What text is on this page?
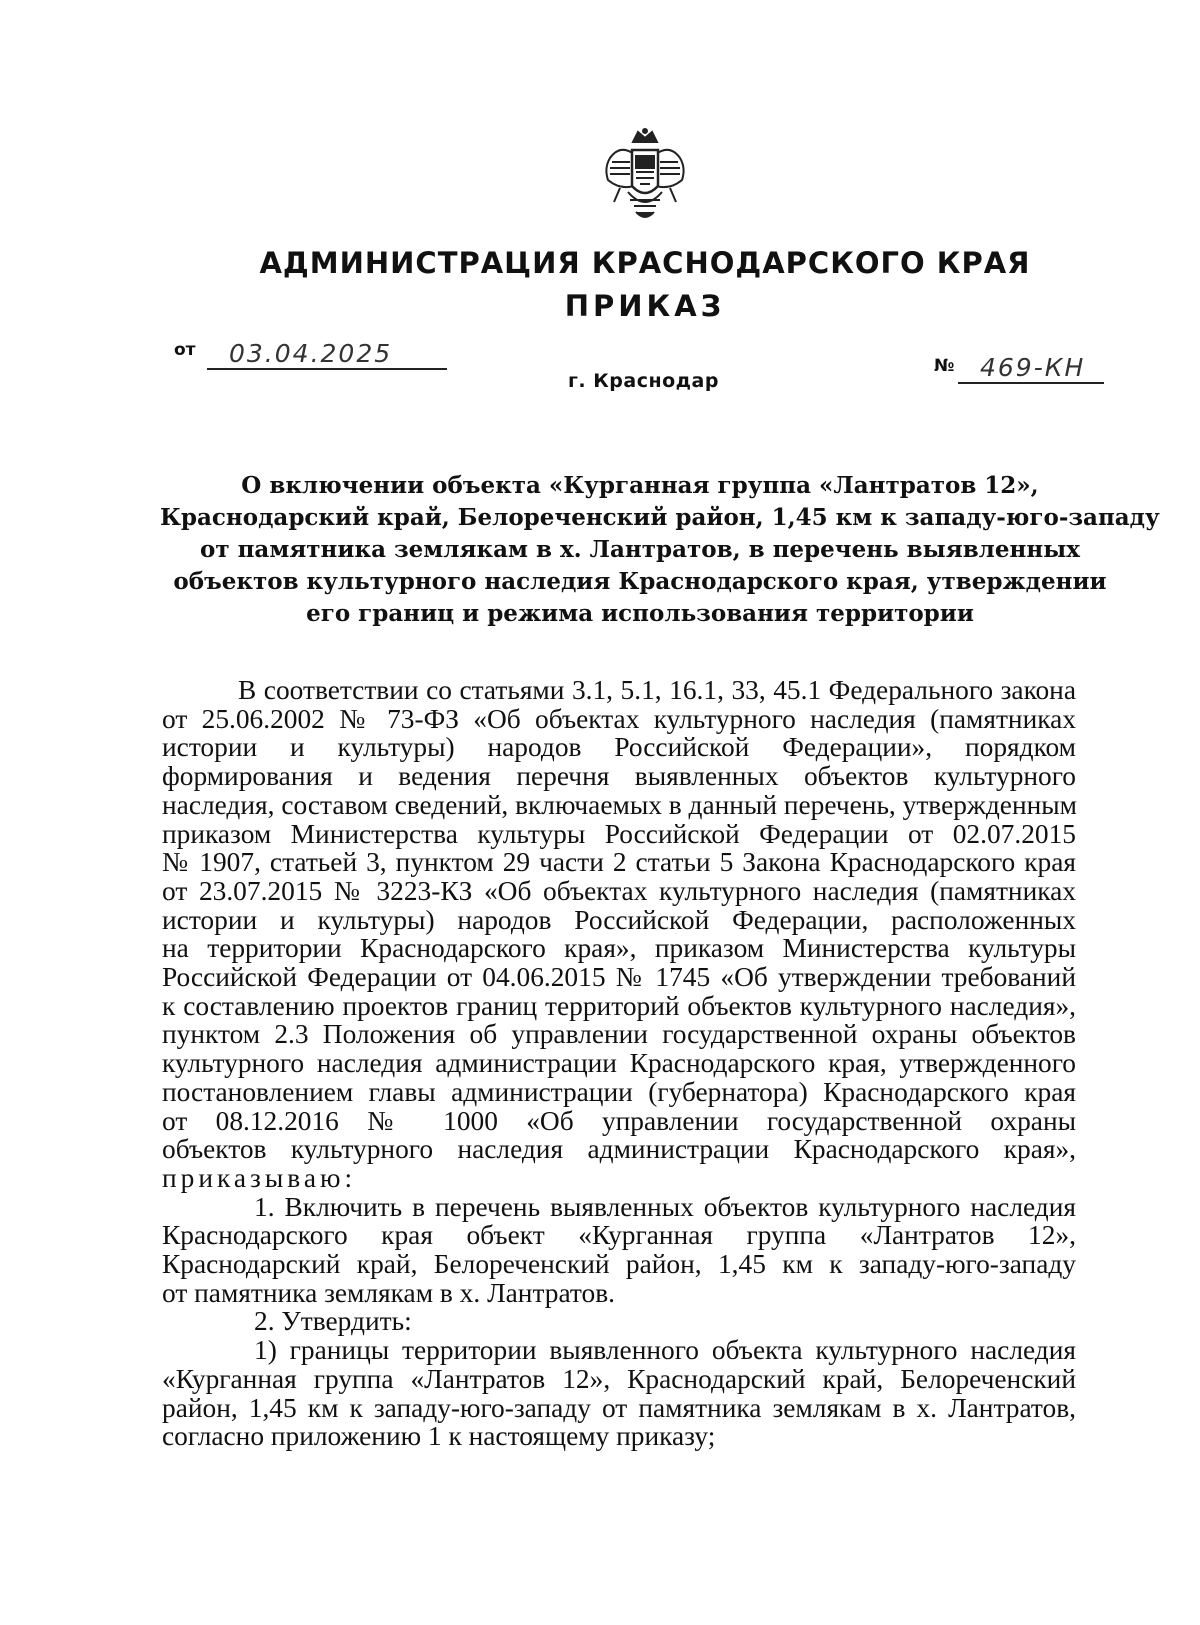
АДМИНИСТРАЦИЯ КРАСНОДАРСКОГО КРАЯ
ПРИКАЗ
от 03.04.2025
г. Краснодар
№ 469-КН
О включении объекта «Курганная группа «Лантратов 12»,
Краснодарский край, Белореченский район, 1,45 км к западу-юго-западу
от памятника землякам в х. Лантратов, в перечень выявленных
объектов культурного наследия Краснодарского края, утверждении
его границ и режима использования территории
В соответствии со статьями 3.1, 5.1, 16.1, 33, 45.1 Федерального закона
от 25.06.2002 № 73-ФЗ «Об объектах культурного наследия (памятниках
истории и культуры) народов Российской Федерации», порядком
формирования и ведения перечня выявленных объектов культурного
наследия, составом сведений, включаемых в данный перечень, утвержденным
приказом Министерства культуры Российской Федерации от 02.07.2015
№ 1907, статьей 3, пунктом 29 части 2 статьи 5 Закона Краснодарского края
от 23.07.2015 № 3223-КЗ «Об объектах культурного наследия (памятниках
истории и культуры) народов Российской Федерации, расположенных
на территории Краснодарского края», приказом Министерства культуры
Российской Федерации от 04.06.2015 № 1745 «Об утверждении требований
к составлению проектов границ территорий объектов культурного наследия»,
пунктом 2.3 Положения об управлении государственной охраны объектов
культурного наследия администрации Краснодарского края, утвержденного
постановлением главы администрации (губернатора) Краснодарского края
от 08.12.2016 № 1000 «Об управлении государственной охраны
объектов культурного наследия администрации Краснодарского края»,
приказываю:
1. Включить в перечень выявленных объектов культурного наследия
Краснодарского края объект «Курганная группа «Лантратов 12»,
Краснодарский край, Белореченский район, 1,45 км к западу-юго-западу
от памятника землякам в х. Лантратов.
2. Утвердить:
1) границы территории выявленного объекта культурного наследия
«Курганная группа «Лантратов 12», Краснодарский край, Белореченский
район, 1,45 км к западу-юго-западу от памятника землякам в х. Лантратов,
согласно приложению 1 к настоящему приказу;
